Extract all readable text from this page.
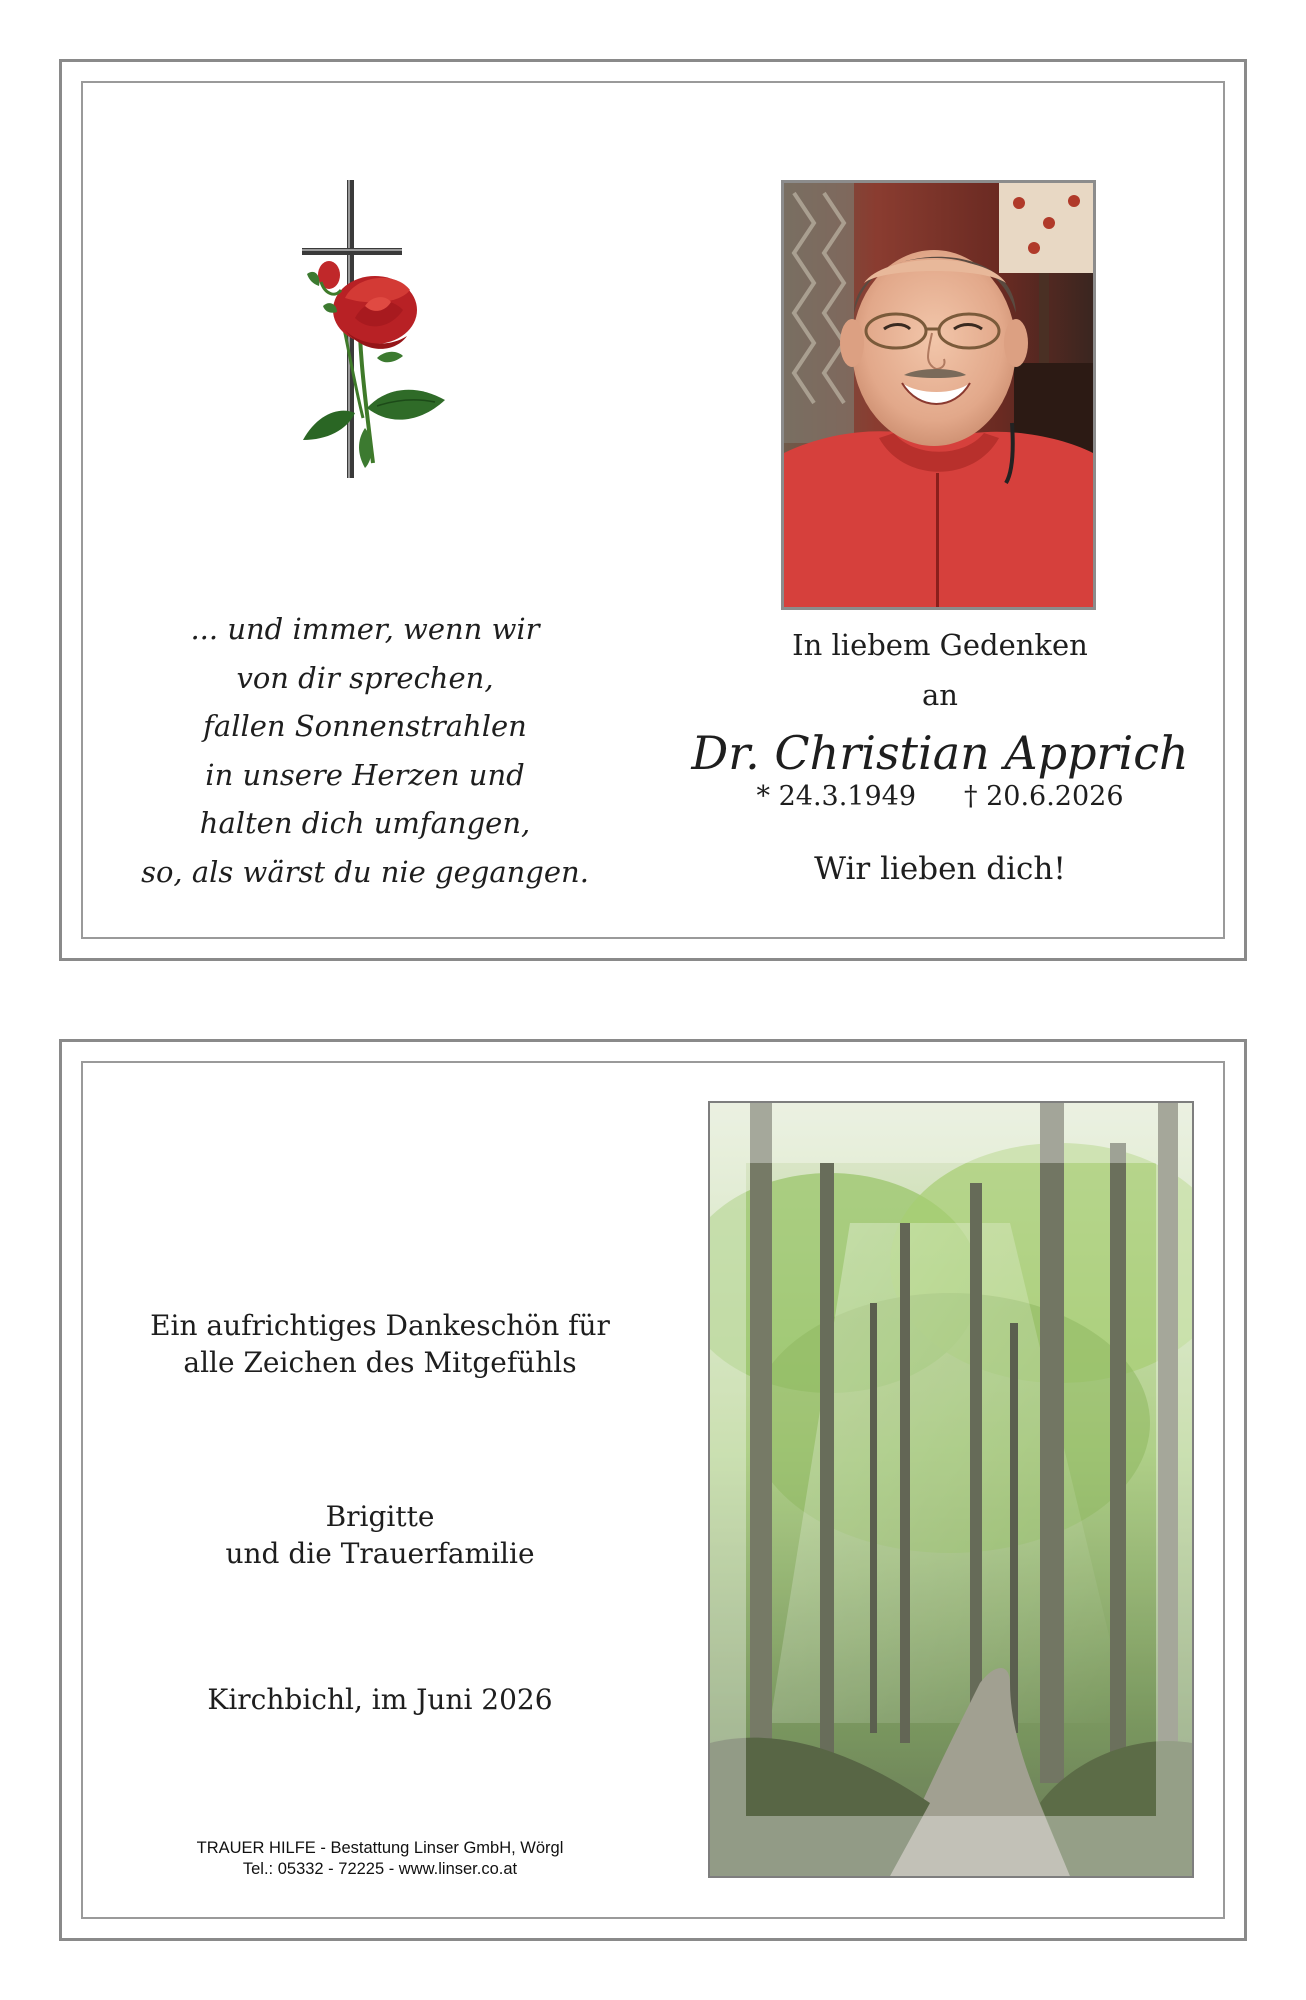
... und immer, wenn wir
von dir sprechen,
fallen Sonnenstrahlen
in unsere Herzen und
halten dich umfangen,
so, als wärst du nie gegangen.
In liebem Gedenken
an
Dr. Christian Apprich
* 24.3.1949 † 20.6.2026
Wir lieben dich!
Ein aufrichtiges Dankeschön für
alle Zeichen des Mitgefühls
Brigitte
und die Trauerfamilie
Kirchbichl, im Juni 2026
TRAUER HILFE - Bestattung Linser GmbH, Wörgl
Tel.: 05332 - 72225 - www.linser.co.at
